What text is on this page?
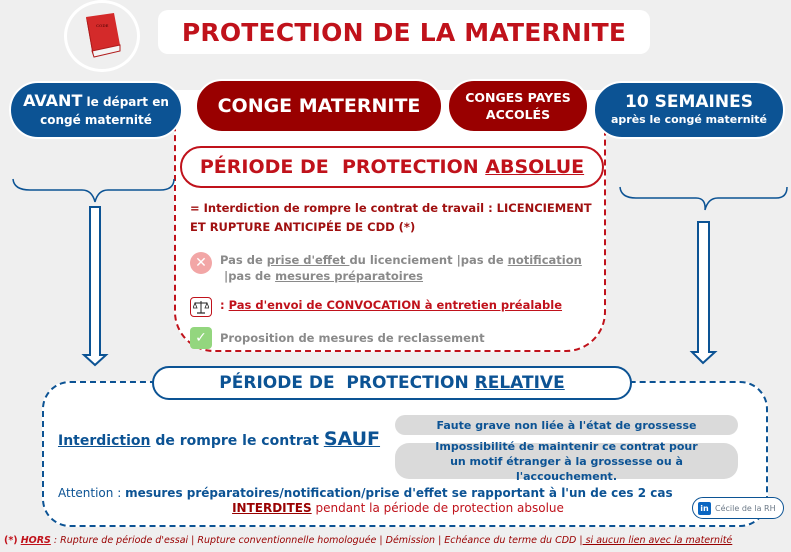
CODE	PROTECTION DE LA MATERNITE
AVANT le départ en
congé maternité
CONGE MATERNITE	CONGES PAYES
ACCOLÉS
10 SEMAINES
après le congé maternité
PÉRIODE DE  PROTECTION ABSOLUE
= Interdiction de rompre le contrat de travail : LICENCIEMENT ET RUPTURE ANTICIPÉE DE CDD (*)
✕	Pas de prise d'effet du licenciement |pas de notification
|pas de mesures préparatoires
: Pas d'envoi de CONVOCATION à entretien préalable
✓	Proposition de mesures de reclassement
PÉRIODE DE  PROTECTION RELATIVE
Interdiction de rompre le contrat SAUF
Faute grave non liée à l'état de grossesse
Impossibilité de maintenir ce contrat pour un motif étranger à la grossesse ou à l'accouchement.
Attention : mesures préparatoires/notification/prise d'effet se rapportant à l'un de ces 2 cas
INTERDITES pendant la période de protection absolue	in Cécile de la RH
(*) HORS : Rupture de période d'essai | Rupture conventionnelle homologuée | Démission | Echéance du terme du CDD | si aucun lien avec la maternité
